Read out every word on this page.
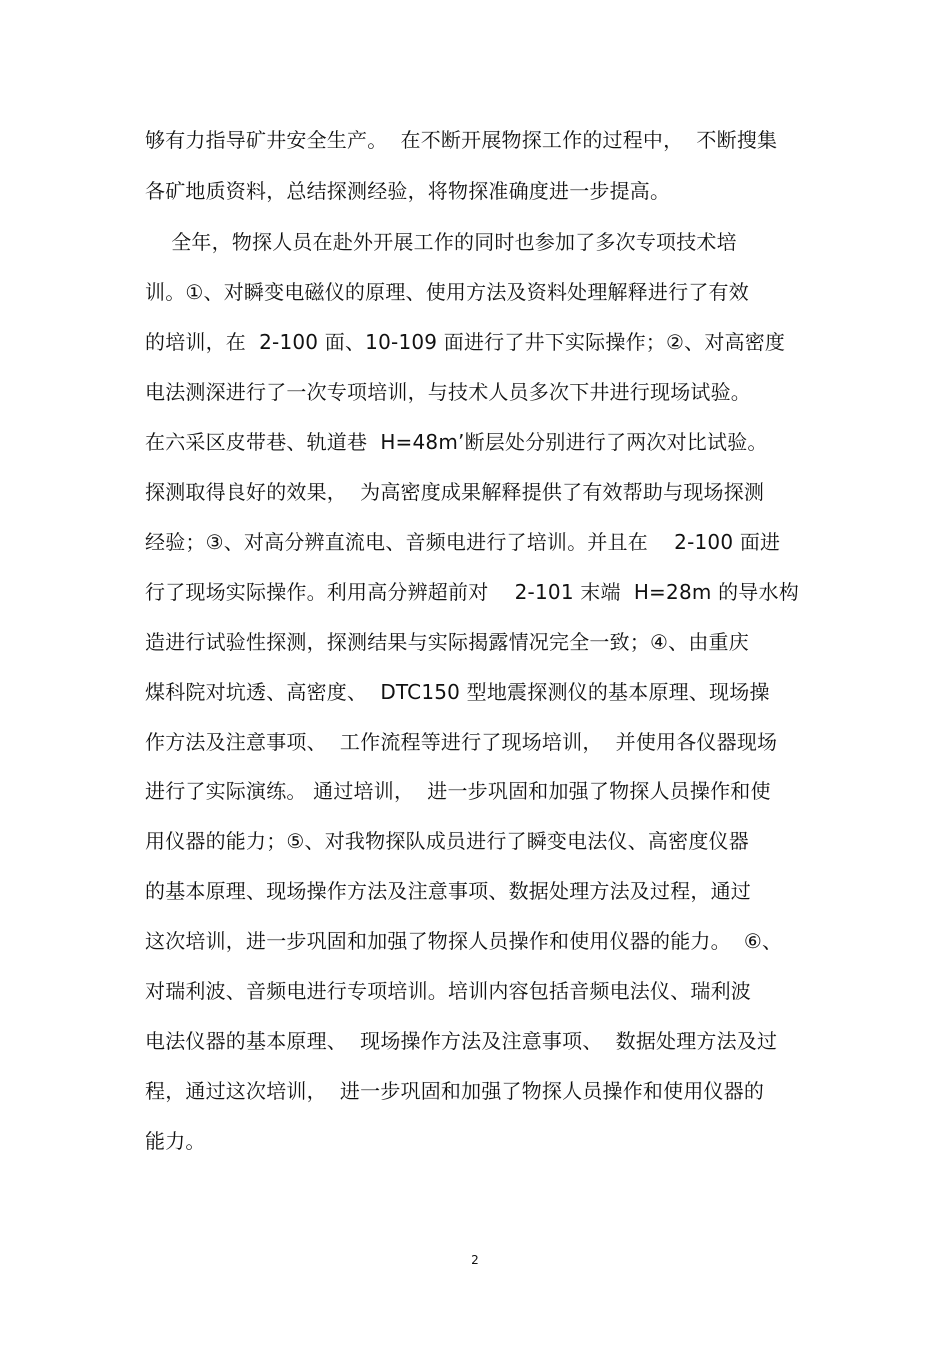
够有力指导矿井安全生产。  在不断开展物探工作的过程中，  不断搜集
各矿地质资料，总结探测经验，将物探准确度进一步提高。
全年，物探人员在赴外开展工作的同时也参加了多次专项技术培
训。①、对瞬变电磁仪的原理、使用方法及资料处理解释进行了有效
的培训，在  2-100 面、10-109 面进行了井下实际操作；②、对高密度
电法测深进行了一次专项培训，与技术人员多次下井进行现场试验。
在六采区皮带巷、轨道巷  H=48m’断层处分别进行了两次对比试验。
探测取得良好的效果，  为高密度成果解释提供了有效帮助与现场探测
经验；③、对高分辨直流电、音频电进行了培训。并且在    2-100 面进
行了现场实际操作。利用高分辨超前对    2-101 末端  H=28m 的导水构
造进行试验性探测，探测结果与实际揭露情况完全一致；④、由重庆
煤科院对坑透、高密度、  DTC150 型地震探测仪的基本原理、现场操
作方法及注意事项、  工作流程等进行了现场培训，  并使用各仪器现场
进行了实际演练。 通过培训，  进一步巩固和加强了物探人员操作和使
用仪器的能力；⑤、对我物探队成员进行了瞬变电法仪、高密度仪器
的基本原理、现场操作方法及注意事项、数据处理方法及过程，通过
这次培训，进一步巩固和加强了物探人员操作和使用仪器的能力。  ⑥、
对瑞利波、音频电进行专项培训。培训内容包括音频电法仪、瑞利波
电法仪器的基本原理、  现场操作方法及注意事项、  数据处理方法及过
程，通过这次培训，  进一步巩固和加强了物探人员操作和使用仪器的
能力。
2
